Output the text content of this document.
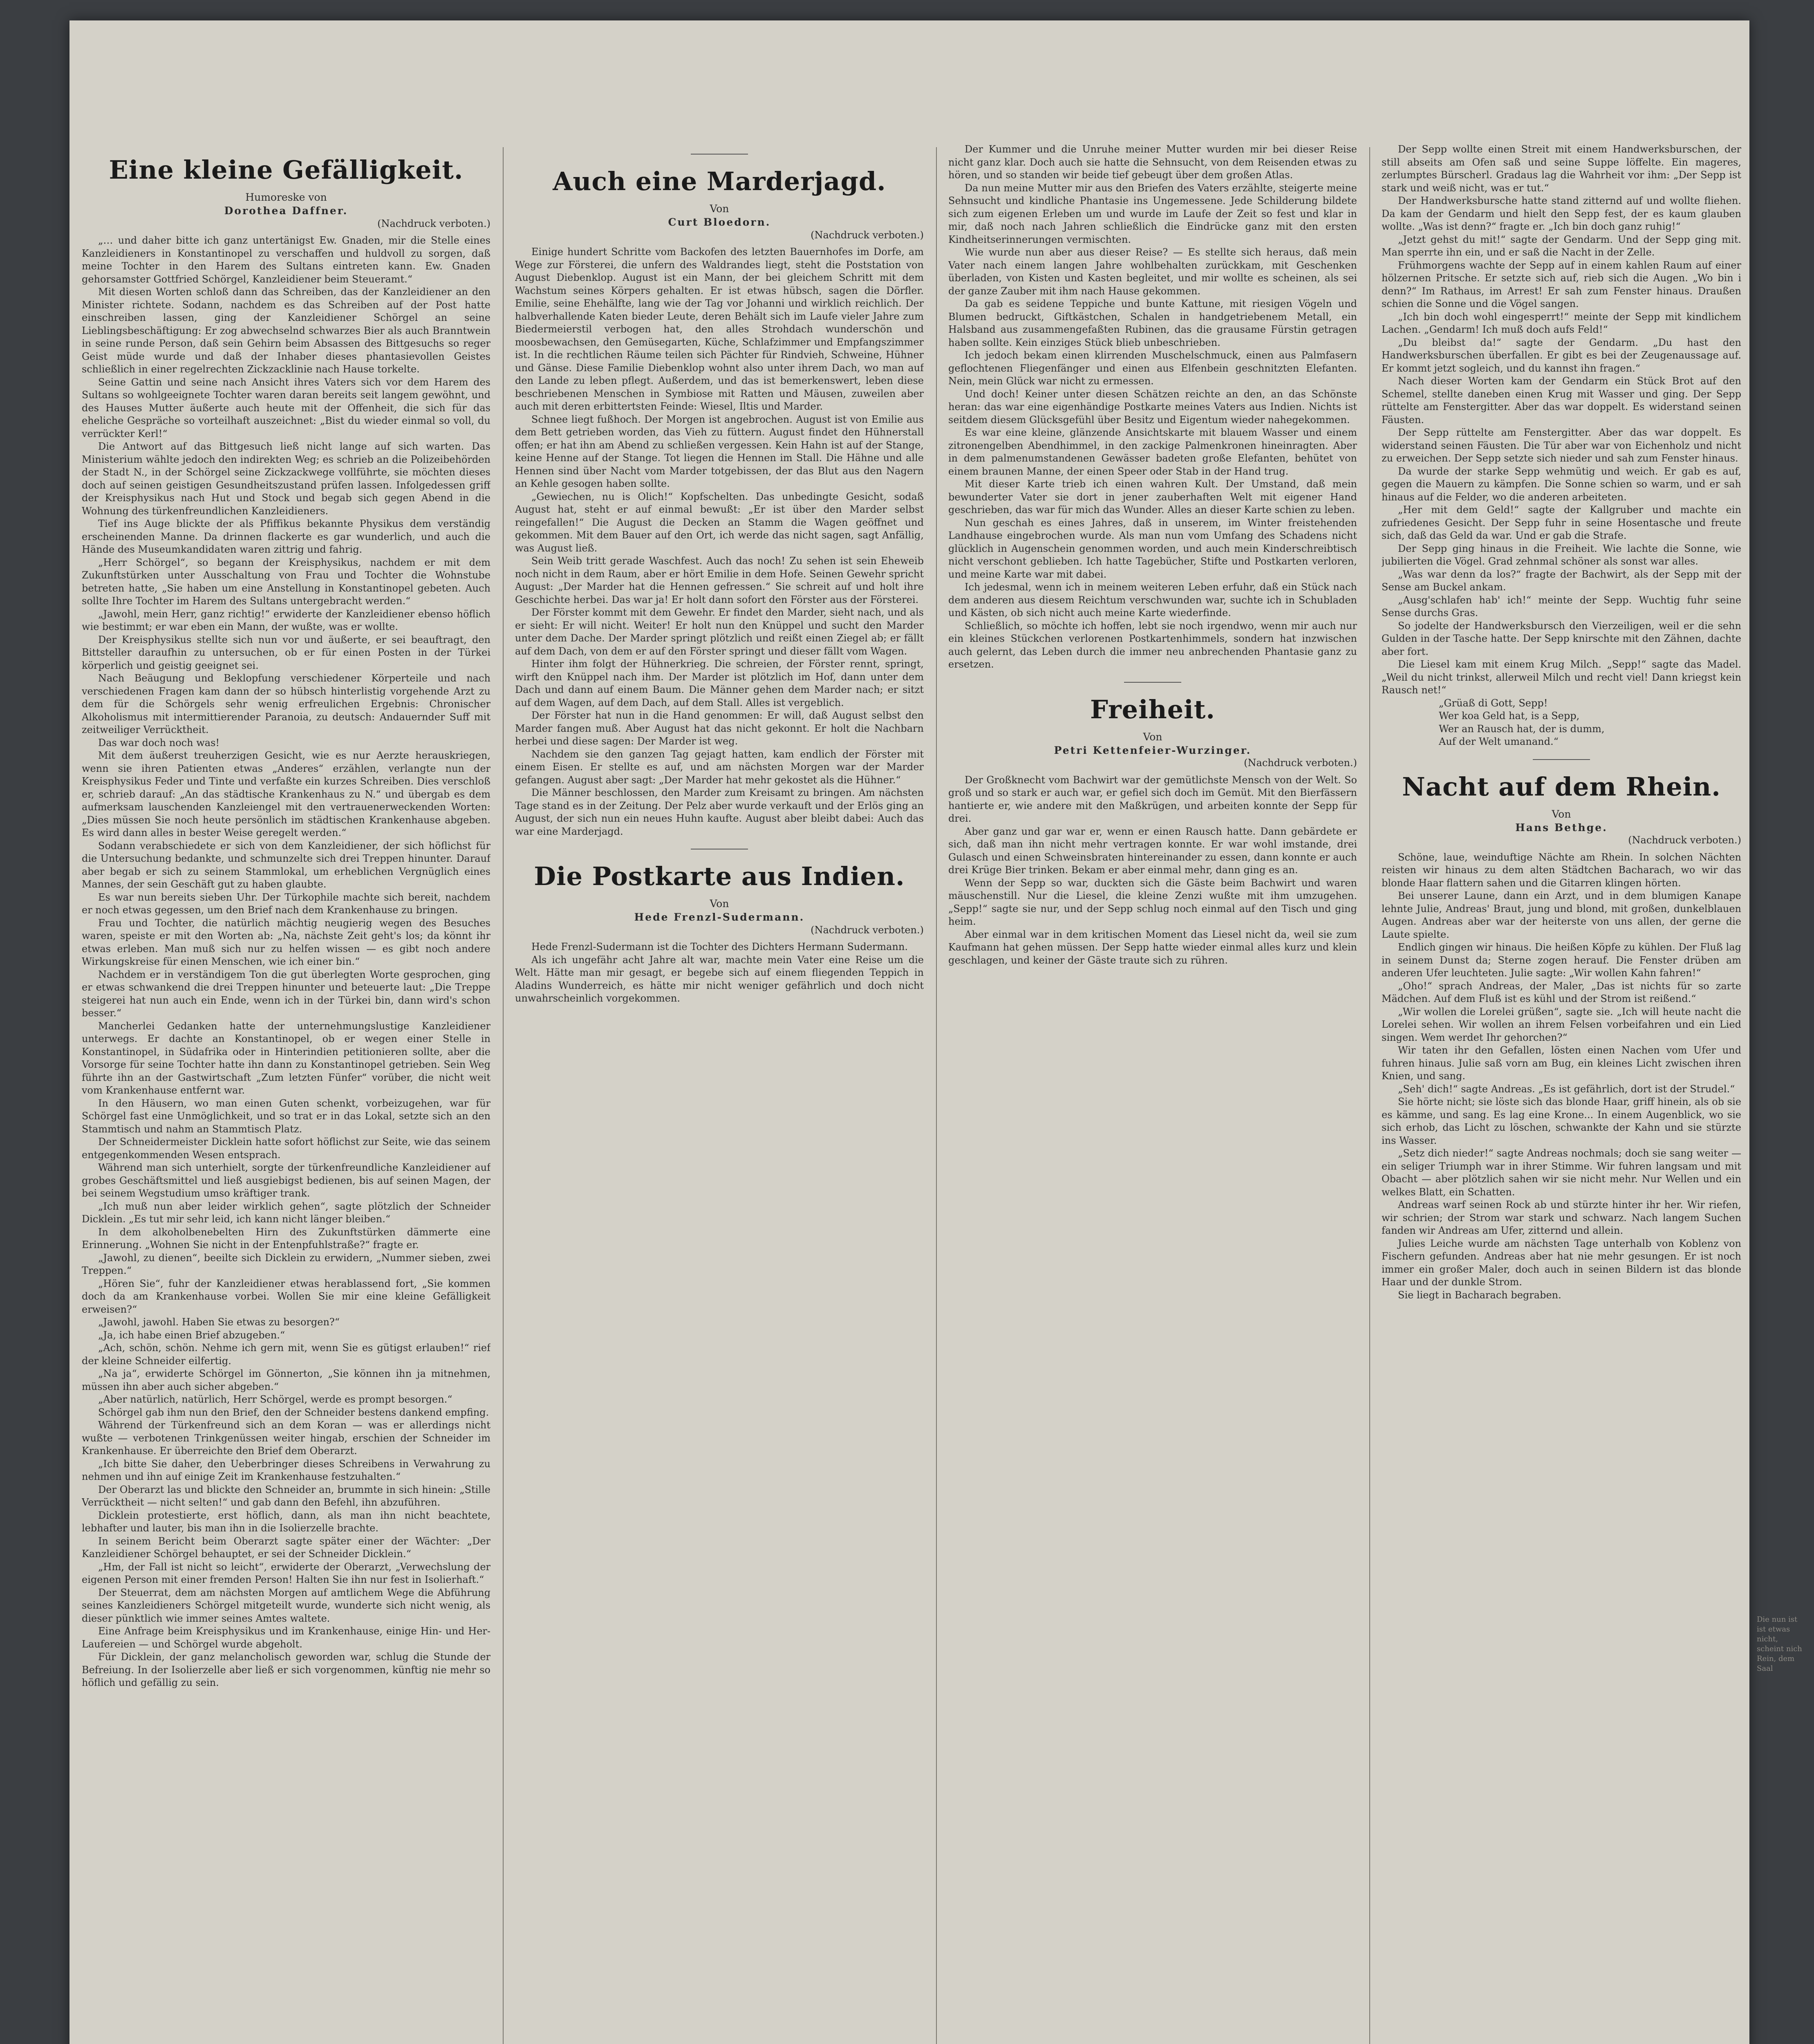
Eine kleine Gefälligkeit.

Humoreske von

Dorothea Daffner.

(Nachdruck verboten.)

„… und daher bitte ich ganz untertänigst Ew. Gnaden, mir die Stelle eines Kanzleidieners in Konstantinopel zu verschaffen und huldvoll zu sorgen, daß meine Tochter in den Harem des Sultans eintreten kann. Ew. Gnaden gehorsamster Gottfried Schörgel, Kanzleidiener beim Steueramt.“

Mit diesen Worten schloß dann das Schreiben, das der Kanzleidiener an den Minister richtete. Sodann, nachdem es das Schreiben auf der Post hatte einschreiben lassen, ging der Kanzleidiener Schörgel an seine Lieblingsbeschäftigung: Er zog abwechselnd schwarzes Bier als auch Branntwein in seine runde Person, daß sein Gehirn beim Absassen des Bittgesuchs so reger Geist müde wurde und daß der Inhaber dieses phantasievollen Geistes schließlich in einer regelrechten Zickzacklinie nach Hause torkelte.

Seine Gattin und seine nach Ansicht ihres Vaters sich vor dem Harem des Sultans so wohlgeeignete Tochter waren daran bereits seit langem gewöhnt, und des Hauses Mutter äußerte auch heute mit der Offenheit, die sich für das eheliche Gespräche so vorteilhaft auszeichnet: „Bist du wieder einmal so voll, du verrückter Kerl!“

Die Antwort auf das Bittgesuch ließ nicht lange auf sich warten. Das Ministerium wählte jedoch den indirekten Weg; es schrieb an die Polizeibehörden der Stadt N., in der Schörgel seine Zickzackwege vollführte, sie möchten dieses doch auf seinen geistigen Gesundheitszustand prüfen lassen. Infolgedessen griff der Kreisphysikus nach Hut und Stock und begab sich gegen Abend in die Wohnung des türkenfreundlichen Kanzleidieners.

Tief ins Auge blickte der als Pfiffikus bekannte Physikus dem verständig erscheinenden Manne. Da drinnen flackerte es gar wunderlich, und auch die Hände des Museumkandidaten waren zittrig und fahrig.

„Herr Schörgel“, so begann der Kreisphysikus, nachdem er mit dem Zukunftstürken unter Ausschaltung von Frau und Tochter die Wohnstube betreten hatte, „Sie haben um eine Anstellung in Konstantinopel gebeten. Auch sollte Ihre Tochter im Harem des Sultans untergebracht werden.“

„Jawohl, mein Herr, ganz richtig!“ erwiderte der Kanzleidiener ebenso höflich wie bestimmt; er war eben ein Mann, der wußte, was er wollte.

Der Kreisphysikus stellte sich nun vor und äußerte, er sei beauftragt, den Bittsteller daraufhin zu untersuchen, ob er für einen Posten in der Türkei körperlich und geistig geeignet sei.

Nach Beäugung und Beklopfung verschiedener Körperteile und nach verschiedenen Fragen kam dann der so hübsch hinterlistig vorgehende Arzt zu dem für die Schörgels sehr wenig erfreulichen Ergebnis: Chronischer Alkoholismus mit intermittierender Paranoia, zu deutsch: Andauernder Suff mit zeitweiliger Verrücktheit.

Das war doch noch was!

Mit dem äußerst treuherzigen Gesicht, wie es nur Aerzte herauskriegen, wenn sie ihren Patienten etwas „Anderes“ erzählen, verlangte nun der Kreisphysikus Feder und Tinte und verfaßte ein kurzes Schreiben. Dies verschloß er, schrieb darauf: „An das städtische Krankenhaus zu N.“ und übergab es dem aufmerksam lauschenden Kanzleiengel mit den vertrauenerweckenden Worten: „Dies müssen Sie noch heute persönlich im städtischen Krankenhause abgeben. Es wird dann alles in bester Weise geregelt werden.“

Sodann verabschiedete er sich von dem Kanzleidiener, der sich höflichst für die Untersuchung bedankte, und schmunzelte sich drei Treppen hinunter. Darauf aber begab er sich zu seinem Stammlokal, um erheblichen Vergnüglich eines Mannes, der sein Geschäft gut zu haben glaubte.

Es war nun bereits sieben Uhr. Der Türkophile machte sich bereit, nachdem er noch etwas gegessen, um den Brief nach dem Krankenhause zu bringen.

Frau und Tochter, die natürlich mächtig neugierig wegen des Besuches waren, speiste er mit den Worten ab: „Na, nächste Zeit geht's los; da könnt ihr etwas erleben. Man muß sich nur zu helfen wissen — es gibt noch andere Wirkungskreise für einen Menschen, wie ich einer bin.“

Nachdem er in verständigem Ton die gut überlegten Worte gesprochen, ging er etwas schwankend die drei Treppen hinunter und beteuerte laut: „Die Treppe steigerei hat nun auch ein Ende, wenn ich in der Türkei bin, dann wird's schon besser.“

Mancherlei Gedanken hatte der unternehmungslustige Kanzleidiener unterwegs. Er dachte an Konstantinopel, ob er wegen einer Stelle in Konstantinopel, in Südafrika oder in Hinterindien petitionieren sollte, aber die Vorsorge für seine Tochter hatte ihn dann zu Konstantinopel getrieben. Sein Weg führte ihn an der Gastwirtschaft „Zum letzten Fünfer“ vorüber, die nicht weit vom Krankenhause entfernt war.

In den Häusern, wo man einen Guten schenkt, vorbeizugehen, war für Schörgel fast eine Unmöglichkeit, und so trat er in das Lokal, setzte sich an den Stammtisch und nahm an Stammtisch Platz.

Der Schneidermeister Dicklein hatte sofort höflichst zur Seite, wie das seinem entgegenkommenden Wesen entsprach.

Während man sich unterhielt, sorgte der türkenfreundliche Kanzleidiener auf grobes Geschäftsmittel und ließ ausgiebigst bedienen, bis auf seinen Magen, der bei seinem Wegstudium umso kräftiger trank.

„Ich muß nun aber leider wirklich gehen“, sagte plötzlich der Schneider Dicklein. „Es tut mir sehr leid, ich kann nicht länger bleiben.“

In dem alkoholbenebelten Hirn des Zukunftstürken dämmerte eine Erinnerung. „Wohnen Sie nicht in der Entenpfuhlstraße?“ fragte er.

„Jawohl, zu dienen“, beeilte sich Dicklein zu erwidern, „Nummer sieben, zwei Treppen.“

„Hören Sie“, fuhr der Kanzleidiener etwas herablassend fort, „Sie kommen doch da am Krankenhause vorbei. Wollen Sie mir eine kleine Gefälligkeit erweisen?“

„Jawohl, jawohl. Haben Sie etwas zu besorgen?“

„Ja, ich habe einen Brief abzugeben.“

„Ach, schön, schön. Nehme ich gern mit, wenn Sie es gütigst erlauben!“ rief der kleine Schneider eilfertig.

„Na ja“, erwiderte Schörgel im Gönnerton, „Sie können ihn ja mitnehmen, müssen ihn aber auch sicher abgeben.“

„Aber natürlich, natürlich, Herr Schörgel, werde es prompt besorgen.“

Schörgel gab ihm nun den Brief, den der Schneider bestens dankend empfing.

Während der Türkenfreund sich an dem Koran — was er allerdings nicht wußte — verbotenen Trinkgenüssen weiter hingab, erschien der Schneider im Krankenhause. Er überreichte den Brief dem Oberarzt.

„Ich bitte Sie daher, den Ueberbringer dieses Schreibens in Verwahrung zu nehmen und ihn auf einige Zeit im Krankenhause festzuhalten.“

Der Oberarzt las und blickte den Schneider an, brummte in sich hinein: „Stille Verrücktheit — nicht selten!“ und gab dann den Befehl, ihn abzuführen.

Dicklein protestierte, erst höflich, dann, als man ihn nicht beachtete, lebhafter und lauter, bis man ihn in die Isolierzelle brachte.

In seinem Bericht beim Oberarzt sagte später einer der Wächter: „Der Kanzleidiener Schörgel behauptet, er sei der Schneider Dicklein.“

„Hm, der Fall ist nicht so leicht“, erwiderte der Oberarzt, „Verwechslung der eigenen Person mit einer fremden Person! Halten Sie ihn nur fest in Isolierhaft.“

Der Steuerrat, dem am nächsten Morgen auf amtlichem Wege die Abführung seines Kanzleidieners Schörgel mitgeteilt wurde, wunderte sich nicht wenig, als dieser pünktlich wie immer seines Amtes waltete.

Eine Anfrage beim Kreisphysikus und im Krankenhause, einige Hin- und Her-Laufereien — und Schörgel wurde abgeholt.

Für Dicklein, der ganz melancholisch geworden war, schlug die Stunde der Befreiung. In der Isolierzelle aber ließ er sich vorgenommen, künftig nie mehr so höflich und gefällig zu sein.

Auch eine Marderjagd.

Von

Curt Bloedorn.

(Nachdruck verboten.)

Einige hundert Schritte vom Backofen des letzten Bauernhofes im Dorfe, am Wege zur Försterei, die unfern des Waldrandes liegt, steht die Poststation von August Diebenklop. August ist ein Mann, der bei gleichem Schritt mit dem Wachstum seines Körpers gehalten. Er ist etwas hübsch, sagen die Dörfler. Emilie, seine Ehehälfte, lang wie der Tag vor Johanni und wirklich reichlich. Der halbverhallende Katen bieder Leute, deren Behält sich im Laufe vieler Jahre zum Biedermeierstil verbogen hat, den alles Strohdach wunderschön und moosbewachsen, den Gemüsegarten, Küche, Schlafzimmer und Empfangszimmer ist. In die rechtlichen Räume teilen sich Pächter für Rindvieh, Schweine, Hühner und Gänse. Diese Familie Diebenklop wohnt also unter ihrem Dach, wo man auf den Lande zu leben pflegt. Außerdem, und das ist bemerkenswert, leben diese beschriebenen Menschen in Symbiose mit Ratten und Mäusen, zuweilen aber auch mit deren erbittertsten Feinde: Wiesel, Iltis und Marder.

Schnee liegt fußhoch. Der Morgen ist angebrochen. August ist von Emilie aus dem Bett getrieben worden, das Vieh zu füttern. August findet den Hühnerstall offen; er hat ihn am Abend zu schließen vergessen. Kein Hahn ist auf der Stange, keine Henne auf der Stange. Tot liegen die Hennen im Stall. Die Hähne und alle Hennen sind über Nacht vom Marder totgebissen, der das Blut aus den Nagern an Kehle gesogen haben sollte.

„Gewiechen, nu is Olich!“ Kopfschelten. Das unbedingte Gesicht, sodaß August hat, steht er auf einmal bewußt: „Er ist über den Marder selbst reingefallen!“ Die August die Decken an Stamm die Wagen geöffnet und gekommen. Mit dem Bauer auf den Ort, ich werde das nicht sagen, sagt Anfällig, was August ließ.

Sein Weib tritt gerade Waschfest. Auch das noch! Zu sehen ist sein Eheweib noch nicht in dem Raum, aber er hört Emilie in dem Hofe. Seinen Gewehr spricht August: „Der Marder hat die Hennen gefressen.“ Sie schreit auf und holt ihre Geschichte herbei. Das war ja! Er holt dann sofort den Förster aus der Försterei.

Der Förster kommt mit dem Gewehr. Er findet den Marder, sieht nach, und als er sieht: Er will nicht. Weiter! Er holt nun den Knüppel und sucht den Marder unter dem Dache. Der Marder springt plötzlich und reißt einen Ziegel ab; er fällt auf dem Dach, von dem er auf den Förster springt und dieser fällt vom Wagen.

Hinter ihm folgt der Hühnerkrieg. Die schreien, der Förster rennt, springt, wirft den Knüppel nach ihm. Der Marder ist plötzlich im Hof, dann unter dem Dach und dann auf einem Baum. Die Männer gehen dem Marder nach; er sitzt auf dem Wagen, auf dem Dach, auf dem Stall. Alles ist vergeblich.

Der Förster hat nun in die Hand genommen: Er will, daß August selbst den Marder fangen muß. Aber August hat das nicht gekonnt. Er holt die Nachbarn herbei und diese sagen: Der Marder ist weg.

Nachdem sie den ganzen Tag gejagt hatten, kam endlich der Förster mit einem Eisen. Er stellte es auf, und am nächsten Morgen war der Marder gefangen. August aber sagt: „Der Marder hat mehr gekostet als die Hühner.“

Die Männer beschlossen, den Marder zum Kreisamt zu bringen. Am nächsten Tage stand es in der Zeitung. Der Pelz aber wurde verkauft und der Erlös ging an August, der sich nun ein neues Huhn kaufte. August aber bleibt dabei: Auch das war eine Marderjagd.

Die Postkarte aus Indien.

Von

Hede Frenzl-Sudermann.

(Nachdruck verboten.)

Hede Frenzl-Sudermann ist die Tochter des Dichters Hermann Sudermann.

Als ich ungefähr acht Jahre alt war, machte mein Vater eine Reise um die Welt. Hätte man mir gesagt, er begebe sich auf einem fliegenden Teppich in Aladins Wunderreich, es hätte mir nicht weniger gefährlich und doch nicht unwahrscheinlich vorgekommen.

Der Kummer und die Unruhe meiner Mutter wurden mir bei dieser Reise nicht ganz klar. Doch auch sie hatte die Sehnsucht, von dem Reisenden etwas zu hören, und so standen wir beide tief gebeugt über dem großen Atlas.

Da nun meine Mutter mir aus den Briefen des Vaters erzählte, steigerte meine Sehnsucht und kindliche Phantasie ins Ungemessene. Jede Schilderung bildete sich zum eigenen Erleben um und wurde im Laufe der Zeit so fest und klar in mir, daß noch nach Jahren schließlich die Eindrücke ganz mit den ersten Kindheitserinnerungen vermischten.

Wie wurde nun aber aus dieser Reise? — Es stellte sich heraus, daß mein Vater nach einem langen Jahre wohlbehalten zurückkam, mit Geschenken überladen, von Kisten und Kasten begleitet, und mir wollte es scheinen, als sei der ganze Zauber mit ihm nach Hause gekommen.

Da gab es seidene Teppiche und bunte Kattune, mit riesigen Vögeln und Blumen bedruckt, Giftkästchen, Schalen in handgetriebenem Metall, ein Halsband aus zusammengefaßten Rubinen, das die grausame Fürstin getragen haben sollte. Kein einziges Stück blieb unbeschrieben.

Ich jedoch bekam einen klirrenden Muschelschmuck, einen aus Palmfasern geflochtenen Fliegenfänger und einen aus Elfenbein geschnitzten Elefanten. Nein, mein Glück war nicht zu ermessen.

Und doch! Keiner unter diesen Schätzen reichte an den, an das Schönste heran: das war eine eigenhändige Postkarte meines Vaters aus Indien. Nichts ist seitdem diesem Glücksgefühl über Besitz und Eigentum wieder nahegekommen.

Es war eine kleine, glänzende Ansichtskarte mit blauem Wasser und einem zitronengelben Abendhimmel, in den zackige Palmenkronen hineinragten. Aber in dem palmenumstandenen Gewässer badeten große Elefanten, behütet von einem braunen Manne, der einen Speer oder Stab in der Hand trug.

Mit dieser Karte trieb ich einen wahren Kult. Der Umstand, daß mein bewunderter Vater sie dort in jener zauberhaften Welt mit eigener Hand geschrieben, das war für mich das Wunder. Alles an dieser Karte schien zu leben.

Nun geschah es eines Jahres, daß in unserem, im Winter freistehenden Landhause eingebrochen wurde. Als man nun vom Umfang des Schadens nicht glücklich in Augenschein genommen worden, und auch mein Kinderschreibtisch nicht verschont geblieben. Ich hatte Tagebücher, Stifte und Postkarten verloren, und meine Karte war mit dabei.

Ich jedesmal, wenn ich in meinem weiteren Leben erfuhr, daß ein Stück nach dem anderen aus diesem Reichtum verschwunden war, suchte ich in Schubladen und Kästen, ob sich nicht auch meine Karte wiederfinde.

Schließlich, so möchte ich hoffen, lebt sie noch irgendwo, wenn mir auch nur ein kleines Stückchen verlorenen Postkartenhimmels, sondern hat inzwischen auch gelernt, das Leben durch die immer neu anbrechenden Phantasie ganz zu ersetzen.

Freiheit.

Von

Petri Kettenfeier-Wurzinger.

(Nachdruck verboten.)

Der Großknecht vom Bachwirt war der gemütlichste Mensch von der Welt. So groß und so stark er auch war, er gefiel sich doch im Gemüt. Mit den Bierfässern hantierte er, wie andere mit den Maßkrügen, und arbeiten konnte der Sepp für drei.

Aber ganz und gar war er, wenn er einen Rausch hatte. Dann gebärdete er sich, daß man ihn nicht mehr vertragen konnte. Er war wohl imstande, drei Gulasch und einen Schweinsbraten hintereinander zu essen, dann konnte er auch drei Krüge Bier trinken. Bekam er aber einmal mehr, dann ging es an.

Wenn der Sepp so war, duckten sich die Gäste beim Bachwirt und waren mäuschenstill. Nur die Liesel, die kleine Zenzi wußte mit ihm umzugehen. „Sepp!“ sagte sie nur, und der Sepp schlug noch einmal auf den Tisch und ging heim.

Aber einmal war in dem kritischen Moment das Liesel nicht da, weil sie zum Kaufmann hat gehen müssen. Der Sepp hatte wieder einmal alles kurz und klein geschlagen, und keiner der Gäste traute sich zu rühren.

Der Sepp wollte einen Streit mit einem Handwerksburschen, der still abseits am Ofen saß und seine Suppe löffelte. Ein mageres, zerlumptes Bürscherl. Gradaus lag die Wahrheit vor ihm: „Der Sepp ist stark und weiß nicht, was er tut.“

Der Handwerksbursche hatte stand zitternd auf und wollte fliehen. Da kam der Gendarm und hielt den Sepp fest, der es kaum glauben wollte. „Was ist denn?“ fragte er. „Ich bin doch ganz ruhig!“

„Jetzt gehst du mit!“ sagte der Gendarm. Und der Sepp ging mit. Man sperrte ihn ein, und er saß die Nacht in der Zelle.

Frühmorgens wachte der Sepp auf in einem kahlen Raum auf einer hölzernen Pritsche. Er setzte sich auf, rieb sich die Augen. „Wo bin i denn?“ Im Rathaus, im Arrest! Er sah zum Fenster hinaus. Draußen schien die Sonne und die Vögel sangen.

„Ich bin doch wohl eingesperrt!“ meinte der Sepp mit kindlichem Lachen. „Gendarm! Ich muß doch aufs Feld!“

„Du bleibst da!“ sagte der Gendarm. „Du hast den Handwerksburschen überfallen. Er gibt es bei der Zeugenaussage auf. Er kommt jetzt sogleich, und du kannst ihn fragen.“

Nach dieser Worten kam der Gendarm ein Stück Brot auf den Schemel, stellte daneben einen Krug mit Wasser und ging. Der Sepp rüttelte am Fenstergitter. Aber das war doppelt. Es widerstand seinen Fäusten.

Der Sepp rüttelte am Fenstergitter. Aber das war doppelt. Es widerstand seinen Fäusten. Die Tür aber war von Eichenholz und nicht zu erweichen. Der Sepp setzte sich nieder und sah zum Fenster hinaus.

Da wurde der starke Sepp wehmütig und weich. Er gab es auf, gegen die Mauern zu kämpfen. Die Sonne schien so warm, und er sah hinaus auf die Felder, wo die anderen arbeiteten.

„Her mit dem Geld!“ sagte der Kallgruber und machte ein zufriedenes Gesicht. Der Sepp fuhr in seine Hosentasche und freute sich, daß das Geld da war. Und er gab die Strafe.

Der Sepp ging hinaus in die Freiheit. Wie lachte die Sonne, wie jubilierten die Vögel. Grad zehnmal schöner als sonst war alles.

„Was war denn da los?“ fragte der Bachwirt, als der Sepp mit der Sense am Buckel ankam.

„Ausg'schlafen hab' ich!“ meinte der Sepp. Wuchtig fuhr seine Sense durchs Gras.

So jodelte der Handwerksbursch den Vierzeiligen, weil er die sehn Gulden in der Tasche hatte. Der Sepp knirschte mit den Zähnen, dachte aber fort.

Die Liesel kam mit einem Krug Milch. „Sepp!“ sagte das Madel. „Weil du nicht trinkst, allerweil Milch und recht viel! Dann kriegst kein Rausch net!“

„Grüaß di Gott, Sepp!

Wer koa Geld hat, is a Sepp,

Wer an Rausch hat, der is dumm,

Auf der Welt umanand.“

Nacht auf dem Rhein.

Von

Hans Bethge.

(Nachdruck verboten.)

Schöne, laue, weinduftige Nächte am Rhein. In solchen Nächten reisten wir hinaus zu dem alten Städtchen Bacharach, wo wir das blonde Haar flattern sahen und die Gitarren klingen hörten.

Bei unserer Laune, dann ein Arzt, und in dem blumigen Kanape lehnte Julie, Andreas' Braut, jung und blond, mit großen, dunkelblauen Augen. Andreas aber war der heiterste von uns allen, der gerne die Laute spielte.

Endlich gingen wir hinaus. Die heißen Köpfe zu kühlen. Der Fluß lag in seinem Dunst da; Sterne zogen herauf. Die Fenster drüben am anderen Ufer leuchteten. Julie sagte: „Wir wollen Kahn fahren!“

„Oho!“ sprach Andreas, der Maler, „Das ist nichts für so zarte Mädchen. Auf dem Fluß ist es kühl und der Strom ist reißend.“

„Wir wollen die Lorelei grüßen“, sagte sie. „Ich will heute nacht die Lorelei sehen. Wir wollen an ihrem Felsen vorbeifahren und ein Lied singen. Wem werdet Ihr gehorchen?“

Wir taten ihr den Gefallen, lösten einen Nachen vom Ufer und fuhren hinaus. Julie saß vorn am Bug, ein kleines Licht zwischen ihren Knien, und sang.

„Seh' dich!“ sagte Andreas. „Es ist gefährlich, dort ist der Strudel.“

Sie hörte nicht; sie löste sich das blonde Haar, griff hinein, als ob sie es kämme, und sang. Es lag eine Krone... In einem Augenblick, wo sie sich erhob, das Licht zu löschen, schwankte der Kahn und sie stürzte ins Wasser.

„Setz dich nieder!“ sagte Andreas nochmals; doch sie sang weiter — ein seliger Triumph war in ihrer Stimme. Wir fuhren langsam und mit Obacht — aber plötzlich sahen wir sie nicht mehr. Nur Wellen und ein welkes Blatt, ein Schatten.

Andreas warf seinen Rock ab und stürzte hinter ihr her. Wir riefen, wir schrien; der Strom war stark und schwarz. Nach langem Suchen fanden wir Andreas am Ufer, zitternd und allein.

Julies Leiche wurde am nächsten Tage unterhalb von Koblenz von Fischern gefunden. Andreas aber hat nie mehr gesungen. Er ist noch immer ein großer Maler, doch auch in seinen Bildern ist das blonde Haar und der dunkle Strom.

Sie liegt in Bacharach begraben.

Die nun ist ist etwas nicht, scheint nich Rein, dem Saal
